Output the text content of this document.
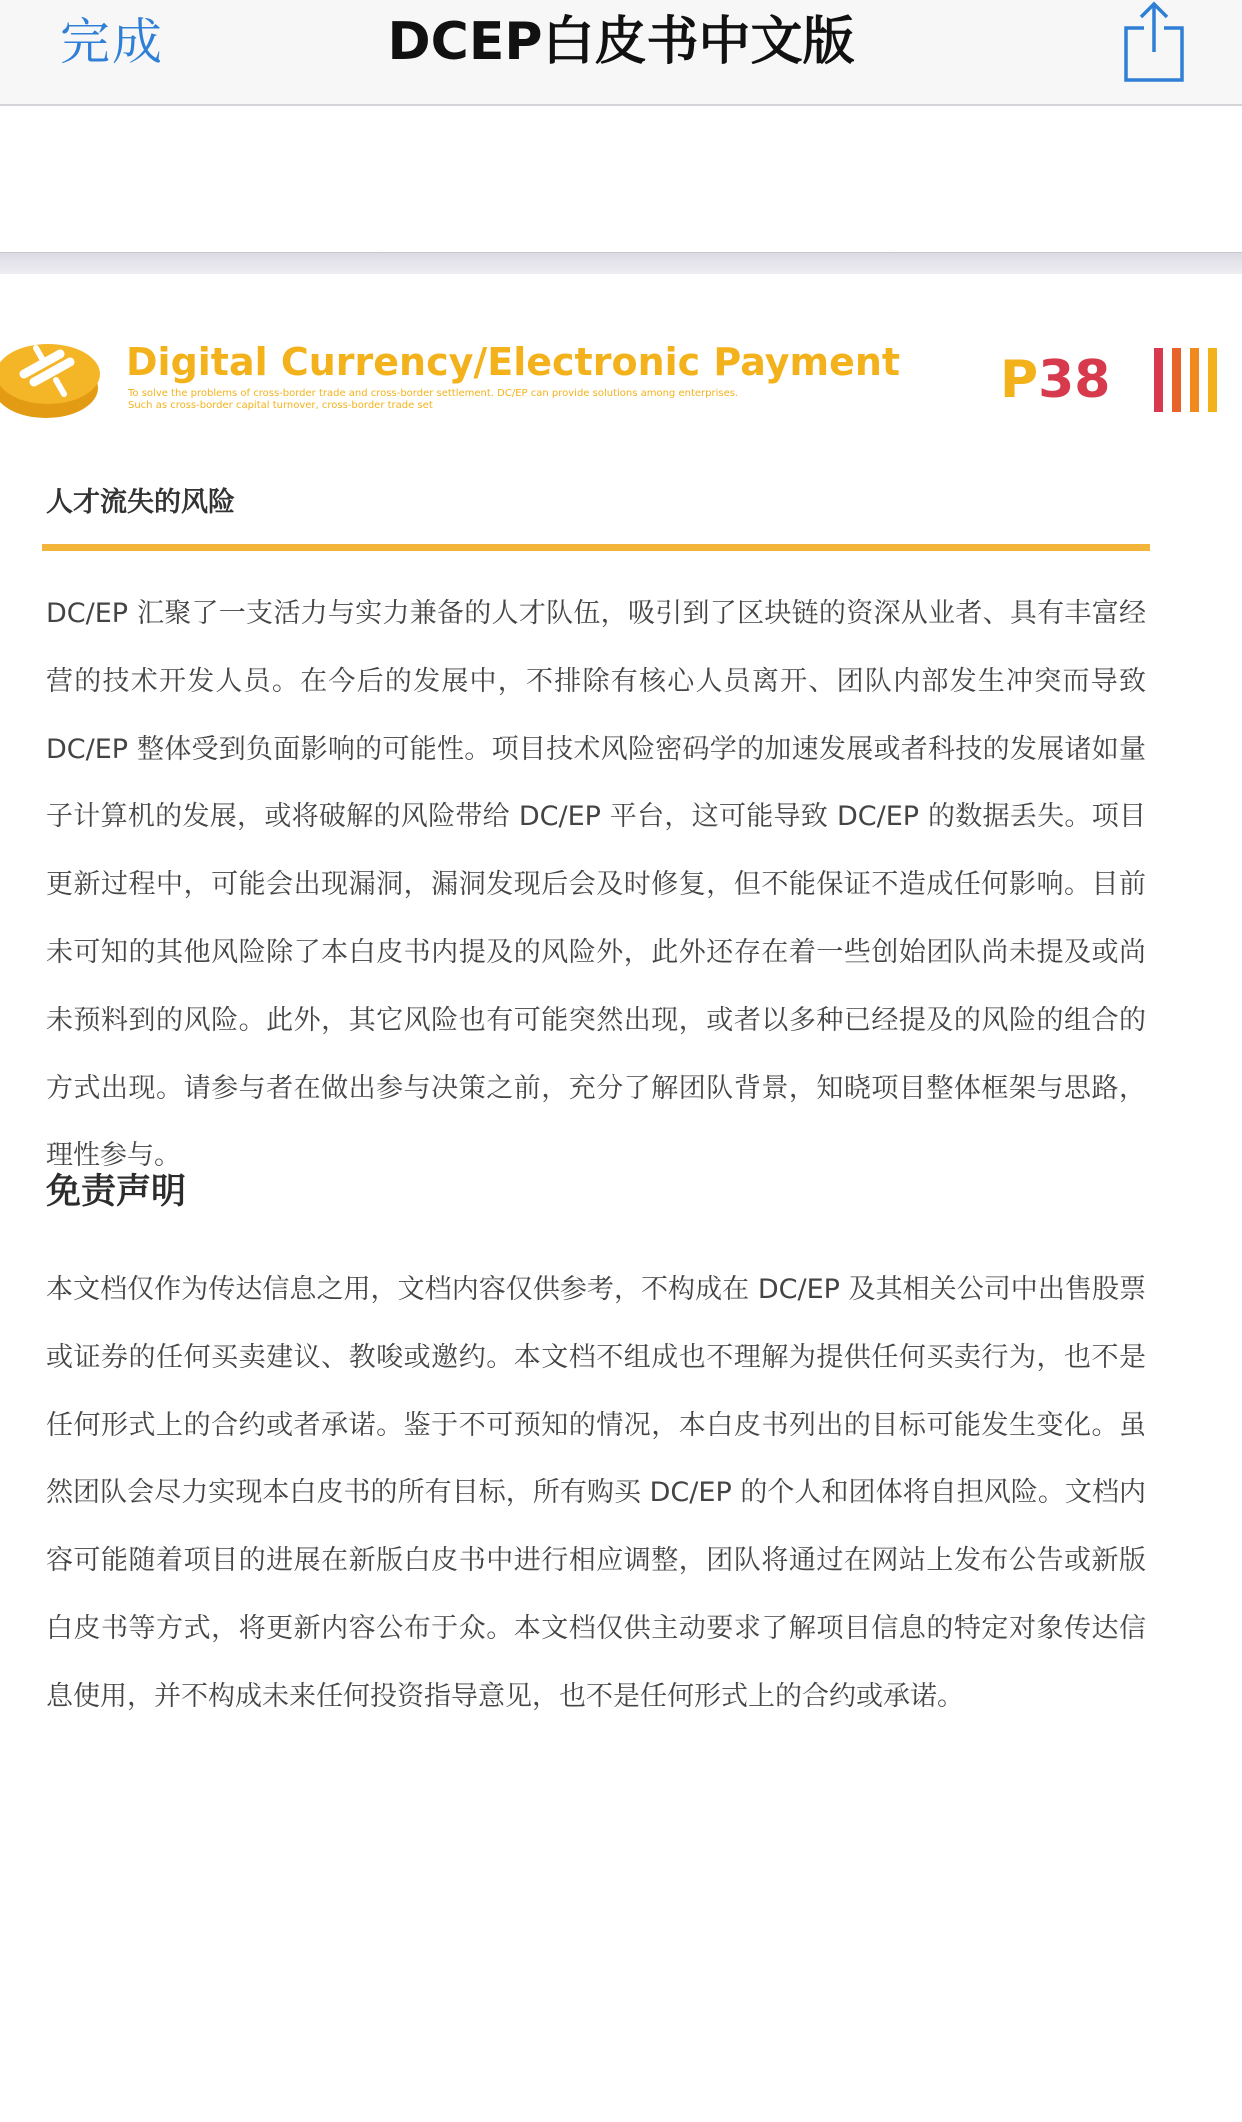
完成	DCEP白皮书中文版
Digital Currency/Electronic Payment
To solve the problems of cross-border trade and cross-border settlement. DC/EP can provide solutions among enterprises. Such as cross-border capital turnover, cross-border trade set	P38
人才流失的风险
DC/EP 汇聚了一支活力与实力兼备的人才队伍，吸引到了区块链的资深从业者、具有丰富经营的技术开发人员。在今后的发展中，不排除有核心人员离开、团队内部发生冲突而导致 DC/EP 整体受到负面影响的可能性。项目技术风险密码学的加速发展或者科技的发展诸如量子计算机的发展，或将破解的风险带给 DC/EP 平台，这可能导致 DC/EP 的数据丢失。项目更新过程中，可能会出现漏洞，漏洞发现后会及时修复，但不能保证不造成任何影响。目前未可知的其他风险除了本白皮书内提及的风险外，此外还存在着一些创始团队尚未提及或尚未预料到的风险。此外，其它风险也有可能突然出现，或者以多种已经提及的风险的组合的方式出现。请参与者在做出参与决策之前，充分了解团队背景，知晓项目整体框架与思路，理性参与。
免责声明
本文档仅作为传达信息之用，文档内容仅供参考，不构成在 DC/EP 及其相关公司中出售股票或证券的任何买卖建议、教唆或邀约。本文档不组成也不理解为提供任何买卖行为，也不是任何形式上的合约或者承诺。鉴于不可预知的情况，本白皮书列出的目标可能发生变化。虽然团队会尽力实现本白皮书的所有目标，所有购买 DC/EP 的个人和团体将自担风险。文档内容可能随着项目的进展在新版白皮书中进行相应调整，团队将通过在网站上发布公告或新版白皮书等方式，将更新内容公布于众。本文档仅供主动要求了解项目信息的特定对象传达信息使用，并不构成未来任何投资指导意见，也不是任何形式上的合约或承诺。
